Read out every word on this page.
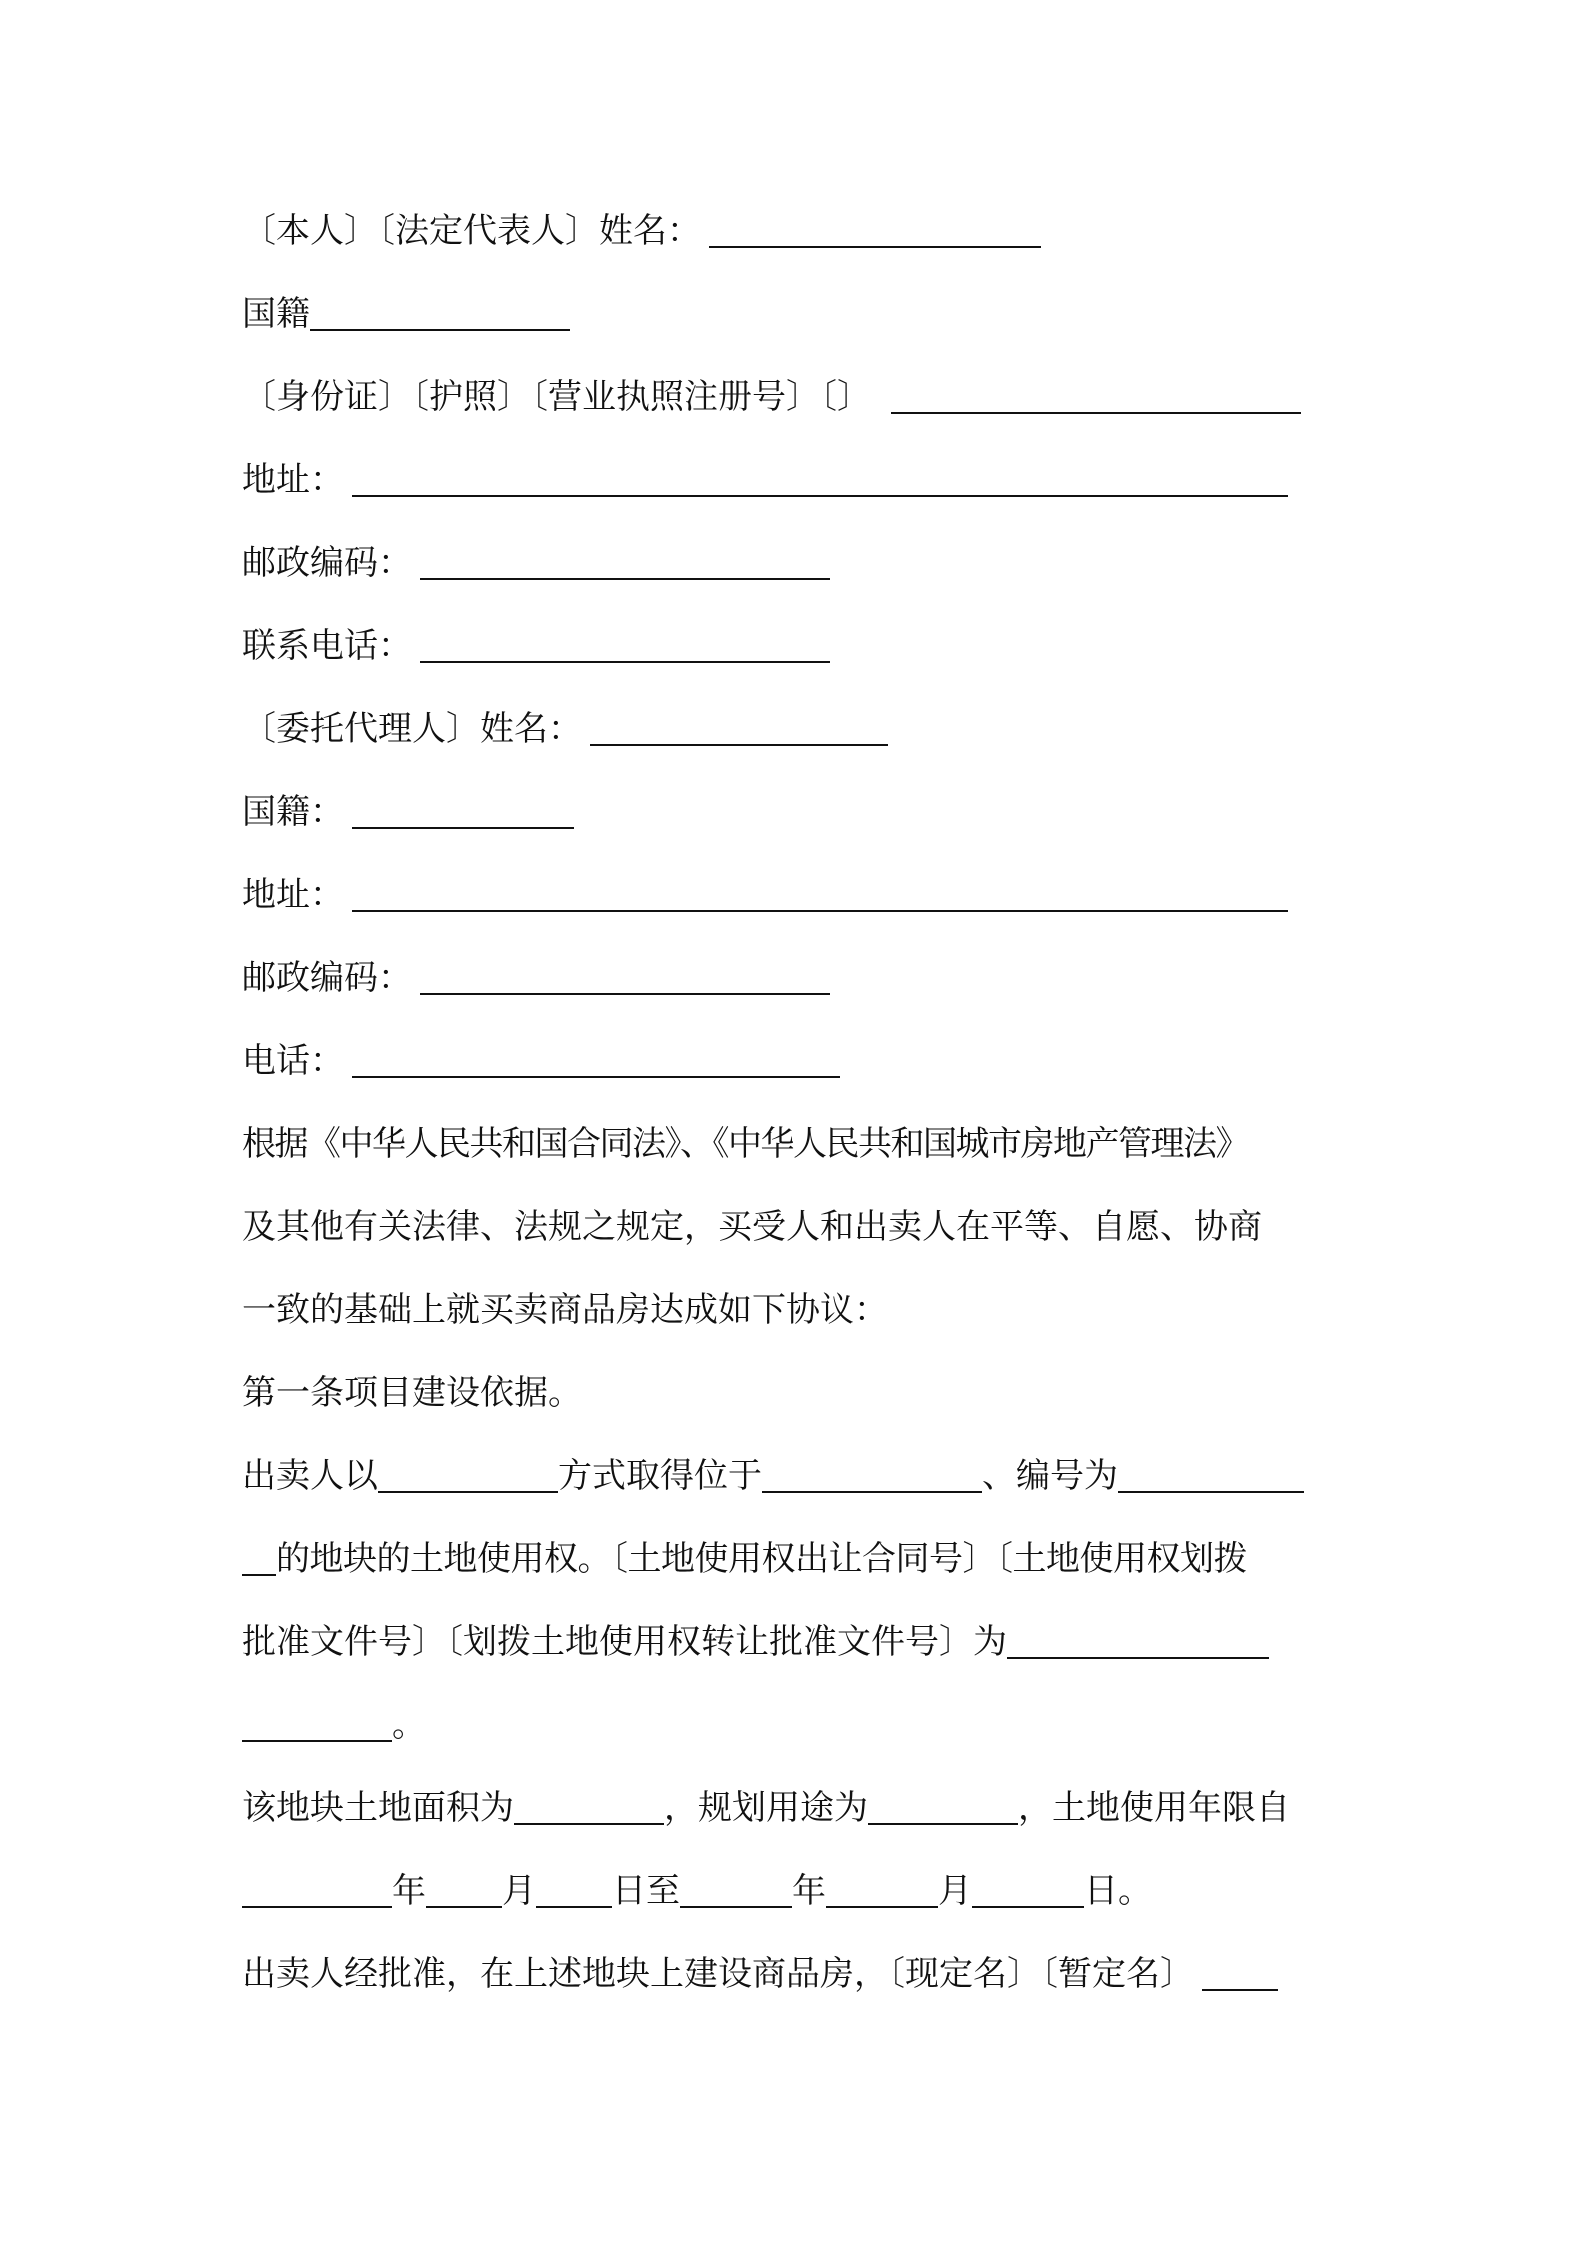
〔本人〕〔法定代表人〕姓名：
国籍
〔身份证〕〔护照〕〔营业执照注册号〕〔〕
地址：
邮政编码：
联系电话：
〔委托代理人〕姓名：
国籍：
地址：
邮政编码：
电话：
根据《中华人民共和国合同法》、《中华人民共和国城市房地产管理法》
及其他有关法律、法规之规定，买受人和出卖人在平等、自愿、协商
一致的基础上就买卖商品房达成如下协议：
第一条项目建设依据。
出卖人以	方式取得位于	、编号为
的地块的土地使用权。〔土地使用权出让合同号〕〔土地使用权划拨
批准文件号〕〔划拨土地使用权转让批准文件号〕为
。
该地块土地面积为	，规划用途为	，土地使用年限自
年 月 日至	年	月	日。
出卖人经批准，在上述地块上建设商品房，〔现定名〕〔暂定名〕
